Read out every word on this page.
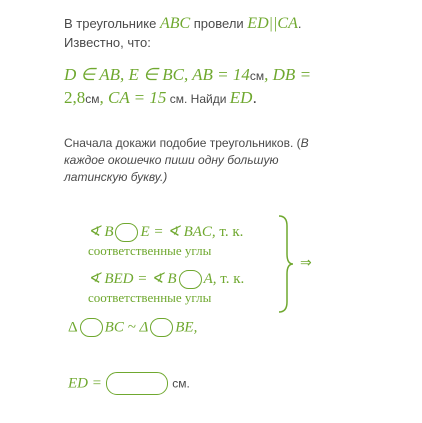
В треугольнике ABC провели ED||CA.
Известно, что:
D ∈ AB, E ∈ BC, AB = 14см, DB =
2,8см, CA = 15 см. Найди ED.
Сначала докажи подобие треугольников. (В
каждое окошечко пиши одну большую
латинскую букву.)
∢ B E = ∢ BAC, т. к.
соответственные углы
∢ BED = ∢ B A, т. к.
соответственные углы
⇒
Δ BC ~ Δ BE,
ED =	см.
